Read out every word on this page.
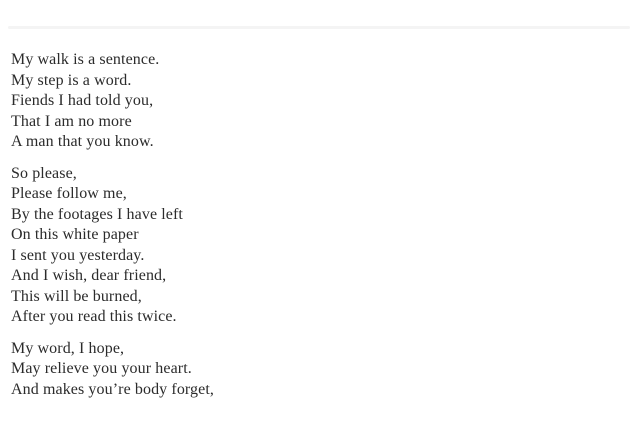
My walk is a sentence.
My step is a word.
Fiends I had told you,
That I am no more
A man that you know.

So please,
Please follow me,
By the footages I have left
On this white paper
I sent you yesterday.
And I wish, dear friend,
This will be burned,
After you read this twice.

My word, I hope,
May relieve you your heart.
And makes you’re body forget,
